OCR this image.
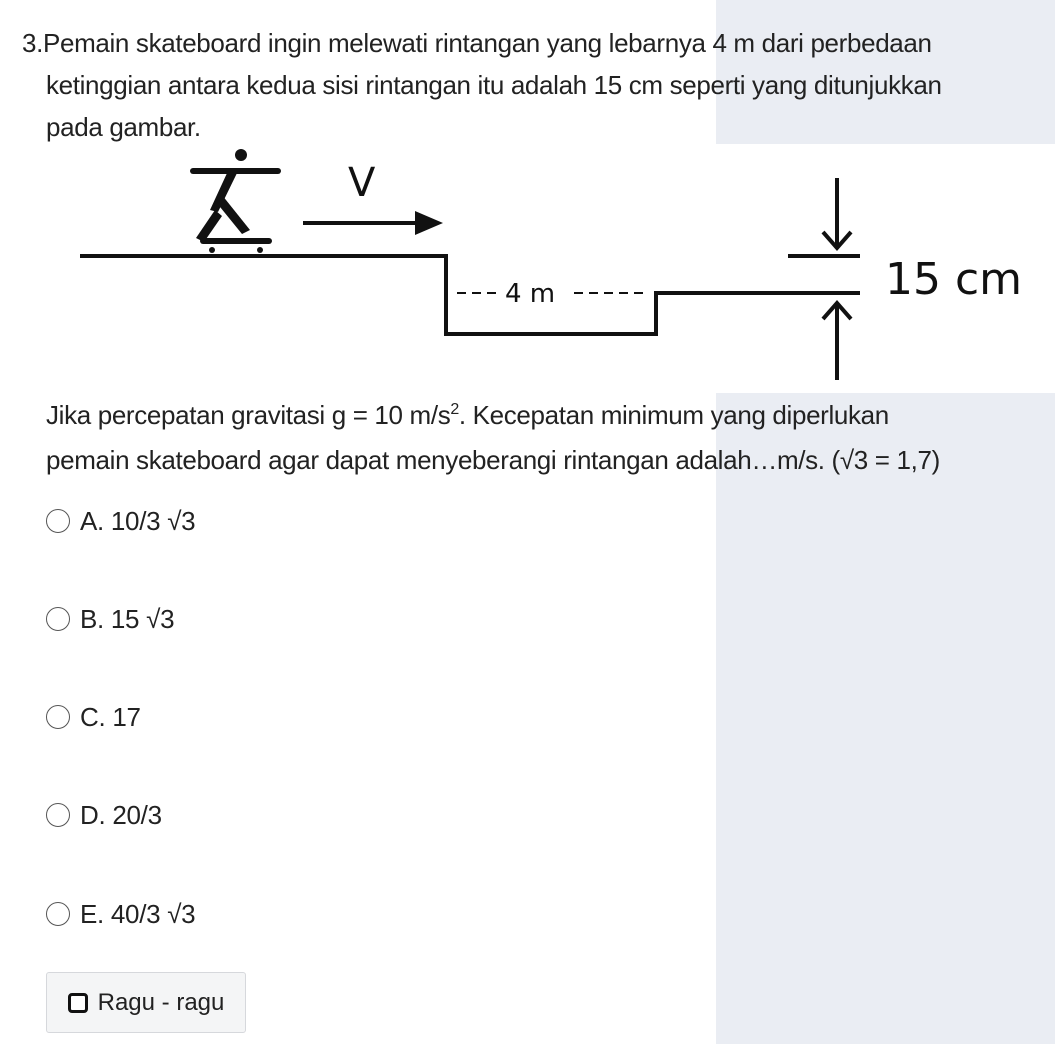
3.Pemain skateboard ingin melewati rintangan yang lebarnya 4 m dari perbedaan
ketinggian antara kedua sisi rintangan itu adalah 15 cm seperti yang ditunjukkan
pada gambar.
V
4 m	15 cm
Jika percepatan gravitasi g = 10 $m/s^2$. Kecepatan minimum yang diperlukan
pemain skateboard agar dapat menyeberangi rintangan adalah…m/s. (√3 = 1,7)
A. 10/3 √3
B. 15 √3
C. 17
D. 20/3
E. 40/3 √3
Ragu - ragu
